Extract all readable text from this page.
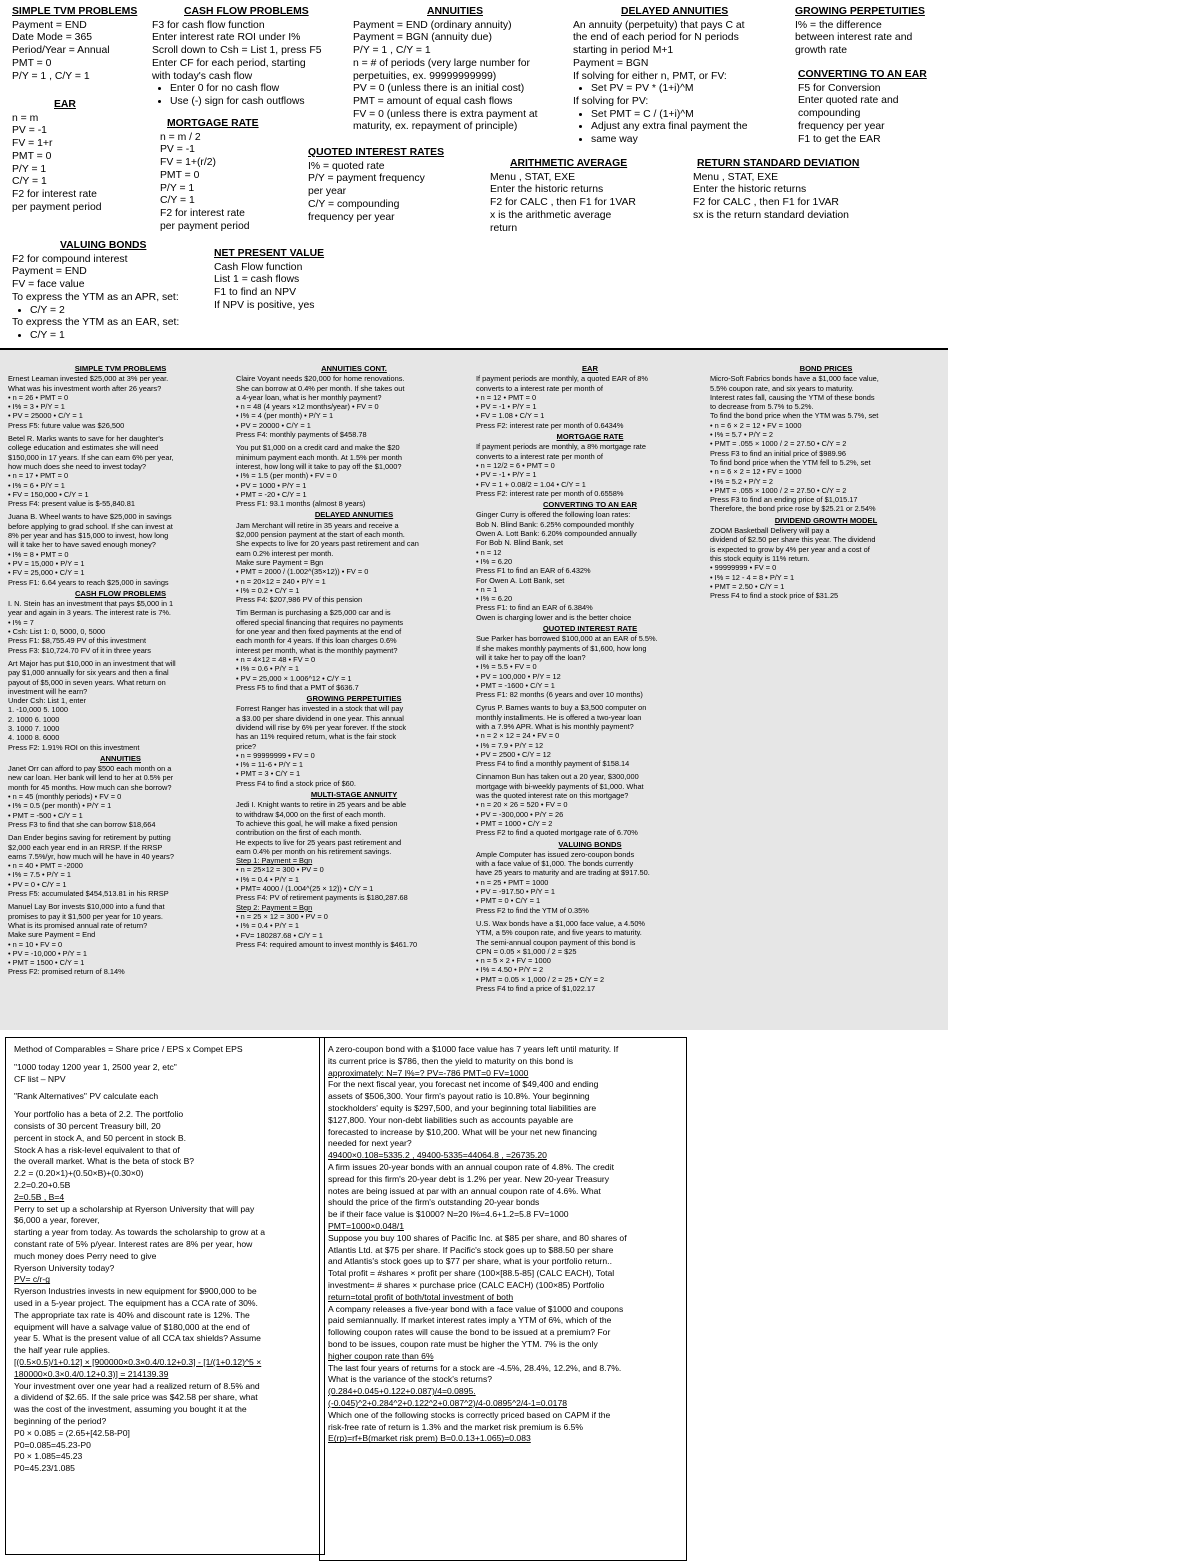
SIMPLE TVM PROBLEMS
Payment = END
Date Mode = 365
Period/Year = Annual
PMT = 0
P/Y = 1 , C/Y = 1
CASH FLOW PROBLEMS
F3 for cash flow function
Enter interest rate ROI under I%
Scroll down to Csh = List 1, press F5
Enter CF for each period, starting
with today's cash flow
• Enter 0 for no cash flow
• Use (-) sign for cash outflows
ANNUITIES
Payment = END (ordinary annuity)
Payment = BGN (annuity due)
P/Y = 1 , C/Y = 1
n = # of periods (very large number for
perpetuities, ex. 99999999999)
PV = 0 (unless there is an initial cost)
PMT = amount of equal cash flows
FV = 0 (unless there is extra payment at
maturity, ex. repayment of principle)
DELAYED ANNUITIES
An annuity (perpetuity) that pays C at
the end of each period for N periods
starting in period M+1
Payment = BGN
If solving for either n, PMT, or FV:
• Set PV = PV * (1+i)^M
If solving for PV:
• Set PMT = C / (1+i)^M
• Adjust any extra final payment the
• same way
GROWING PERPETUITIES
I% = the difference
between interest rate and
growth rate
CONVERTING TO AN EAR
F5 for Conversion
Enter quoted rate and
compounding
frequency per year
F1 to get the EAR
EAR
n = m
PV = -1
FV = 1+r
PMT = 0
P/Y = 1
C/Y = 1
F2 for interest rate
per payment period
MORTGAGE RATE
n = m / 2
PV = -1
FV = 1+(r/2)
PMT = 0
P/Y = 1
C/Y = 1
F2 for interest rate
per payment period
QUOTED INTEREST RATES
I% = quoted rate
P/Y = payment frequency
per year
C/Y = compounding
frequency per year
ARITHMETIC AVERAGE
Menu , STAT, EXE
Enter the historic returns
F2 for CALC , then F1 for 1VAR
x is the arithmetic average
return
RETURN STANDARD DEVIATION
Menu , STAT, EXE
Enter the historic returns
F2 for CALC , then F1 for 1VAR
sx is the return standard deviation
VALUING BONDS
F2 for compound interest
Payment = END
FV = face value
To express the YTM as an APR, set:
• C/Y = 2
To express the YTM as an EAR, set:
• C/Y = 1
NET PRESENT VALUE
Cash Flow function
List 1 = cash flows
F1 to find an NPV
If NPV is positive, yes
SIMPLE TVM PROBLEMS
Ernest Leaman invested $25,000 at 3% per year.
What was his investment worth after 26 years?
• n = 26 • PMT = 0
• I% = 3 • P/Y = 1
• PV = 25000 • C/Y = 1
Press F5: future value was $26,500
Betel R. Marks wants to save for her daughter's
college education and estimates she will need
$150,000 in 17 years. If she can earn 6% per year,
how much does she need to invest today?
• n = 17 • PMT = 0
• I% = 6 • P/Y = 1
• FV = 150,000 • C/Y = 1
Press F4: present value is $-55,840.81
Juana B. Wheel wants to have $25,000 in savings
before applying to grad school. If she can invest at
8% per year and has $15,000 to invest, how long
will it take her to have saved enough money?
• I% = 8 • PMT = 0
• PV = 15,000 • P/Y = 1
• FV = 25,000 • C/Y = 1
Press F1: 6.64 years to reach $25,000 in savings
CASH FLOW PROBLEMS
I. N. Stein has an investment that pays $5,000 in 1
year and again in 3 years. The interest rate is 7%.
• I% = 7
• Csh: List 1: 0, 5000, 0, 5000
Press F1: $8,755.49 PV of this investment
Press F3: $10,724.70 FV of it in three years
Art Major has put $10,000 in an investment that will
pay $1,000 annually for six years and then a final
payout of $5,000 in seven years. What return on
investment will he earn?
Under Csh: List 1, enter
1. -10,000 5. 1000
2. 1000 6. 1000
3. 1000 7. 1000
4. 1000 8. 6000
Press F2: 1.91% ROI on this investment
ANNUITIES
Janet Orr can afford to pay $500 each month on a
new car loan. Her bank will lend to her at 0.5% per
month for 45 months. How much can she borrow?
• n = 45 (monthly periods) • FV = 0
• I% = 0.5 (per month) • P/Y = 1
• PMT = -500 • C/Y = 1
Press F3 to find that she can borrow $18,664
Dan Ender begins saving for retirement by putting
$2,000 each year end in an RRSP. If the RRSP
earns 7.5%/yr, how much will he have in 40 years?
• n = 40 • PMT = -2000
• I% = 7.5 • P/Y = 1
• PV = 0 • C/Y = 1
Press F5: accumulated $454,513.81 in his RRSP
Manuel Lay Bor invests $10,000 into a fund that
promises to pay it $1,500 per year for 10 years.
What is its promised annual rate of return?
Make sure Payment = End
• n = 10 • FV = 0
• PV = -10,000 • P/Y = 1
• PMT = 1500 • C/Y = 1
Press F2: promised return of 8.14%
ANNUITIES CONT.
Claire Voyant needs $20,000 for home renovations.
She can borrow at 0.4% per month. If she takes out
a 4-year loan, what is her monthly payment?
• n = 48 (4 years ×12 months/year) • FV = 0
• I% = 4 (per month) • P/Y = 1
• PV = 20000 • C/Y = 1
Press F4: monthly payments of $458.78
You put $1,000 on a credit card and make the $20
minimum payment each month. At 1.5% per month
interest, how long will it take to pay off the $1,000?
• I% = 1.5 (per month) • FV = 0
• PV = 1000 • P/Y = 1
• PMT = -20 • C/Y = 1
Press F1: 93.1 months (almost 8 years)
DELAYED ANNUITIES
Jam Merchant will retire in 35 years and receive a
$2,000 pension payment at the start of each month.
She expects to live for 20 years past retirement and can
earn 0.2% interest per month.
Make sure Payment = Bgn
• PMT = 2000 / (1.002^(35×12)) • FV = 0
• n = 20×12 = 240 • P/Y = 1
• I% = 0.2 • C/Y = 1
Press F4: $207,986 PV of this pension
Tim Berman is purchasing a $25,000 car and is
offered special financing that requires no payments
for one year and then fixed payments at the end of
each month for 4 years. If this loan charges 0.6%
interest per month, what is the monthly payment?
• n = 4×12 = 48 • FV = 0
• I% = 0.6 • P/Y = 1
• PV = 25,000 × 1.006^12 • C/Y = 1
Press F5 to find that a PMT of $636.7
GROWING PERPETUITIES
Forrest Ranger has invested in a stock that will pay
a $3.00 per share dividend in one year. This annual
dividend will rise by 6% per year forever. If the stock
has an 11% required return, what is the fair stock
price?
• n = 99999999 • FV = 0
• I% = 11-6 • P/Y = 1
• PMT = 3 • C/Y = 1
Press F4 to find a stock price of $60.
MULTI-STAGE ANNUITY
Jedi I. Knight wants to retire in 25 years and be able
to withdraw $4,000 on the first of each month.
To achieve this goal, he will make a fixed pension
contribution on the first of each month.
He expects to live for 25 years past retirement and
earn 0.4% per month on his retirement savings.
Step 1: Payment = Bgn
• n = 25×12 = 300 • PV = 0
• I% = 0.4 • P/Y = 1
• PMT= 4000 / (1.004^(25 × 12)) • C/Y = 1
Press F4: PV of retirement payments is $180,287.68
Step 2: Payment = Bgn
• n = 25 × 12 = 300 • PV = 0
• I% = 0.4 • P/Y = 1
• FV= 180287.68 • C/Y = 1
Press F4: required amount to invest monthly is $461.70
EAR
If payment periods are monthly, a quoted EAR of 8%
converts to a interest rate per month of
• n = 12 • PMT = 0
• PV = -1 • P/Y = 1
• FV = 1.08 • C/Y = 1
Press F2: interest rate per month of 0.6434%
MORTGAGE RATE
If payment periods are monthly, a 8% mortgage rate
converts to a interest rate per month of
• n = 12/2 = 6 • PMT = 0
• PV = -1 • P/Y = 1
• FV = 1 + 0.08/2 = 1.04 • C/Y = 1
Press F2: interest rate per month of 0.6558%
CONVERTING TO AN EAR
Ginger Curry is offered the following loan rates:
Bob N. Blind Bank: 6.25% compounded monthly
Owen A. Lott Bank: 6.20% compounded annually
For Bob N. Blind Bank, set
• n = 12
• I% = 6.20
Press F1 to find an EAR of 6.432%
For Owen A. Lott Bank, set
• n = 1
• I% = 6.20
Press F1: to find an EAR of 6.384%
Owen is charging lower and is the better choice
QUOTED INTEREST RATE
Sue Parker has borrowed $100,000 at an EAR of 5.5%.
If she makes monthly payments of $1,600, how long
will it take her to pay off the loan?
• I% = 5.5 • FV = 0
• PV = 100,000 • P/Y = 12
• PMT = -1600 • C/Y = 1
Press F1: 82 months (6 years and over 10 months)
Cyrus P. Barnes wants to buy a $3,500 computer on
monthly installments. He is offered a two-year loan
with a 7.9% APR. What is his monthly payment?
• n = 2 × 12 = 24 • FV = 0
• I% = 7.9 • P/Y = 12
• PV = 2500 • C/Y = 12
Press F4 to find a monthly payment of $158.14
Cinnamon Bun has taken out a 20 year, $300,000
mortgage with bi-weekly payments of $1,000. What
was the quoted interest rate on this mortgage?
• n = 20 × 26 = 520 • FV = 0
• PV = -300,000 • P/Y = 26
• PMT = 1000 • C/Y = 2
Press F2 to find a quoted mortgage rate of 6.70%
VALUING BONDS
Ample Computer has issued zero-coupon bonds
with a face value of $1,000. The bonds currently
have 25 years to maturity and are trading at $917.50.
• n = 25 • PMT = 1000
• PV = -917.50 • P/Y = 1
• PMT = 0 • C/Y = 1
Press F2 to find the YTM of 0.35%
U.S. Wax bonds have a $1,000 face value, a 4.50%
YTM, a 5% coupon rate, and five years to maturity.
The semi-annual coupon payment of this bond is
CPN = 0.05 × $1,000 / 2 = $25
• n = 5 × 2 • FV = 1000
• I% = 4.50 • P/Y = 2
• PMT = 0.05 × 1,000 / 2 = 25 • C/Y = 2
Press F4 to find a price of $1,022.17
BOND PRICES
Micro-Soft Fabrics bonds have a $1,000 face value,
5.5% coupon rate, and six years to maturity.
Interest rates fall, causing the YTM of these bonds
to decrease from 5.7% to 5.2%.
To find the bond price when the YTM was 5.7%, set
• n = 6 × 2 = 12 • FV = 1000
• I% = 5.7 • P/Y = 2
• PMT = .055 × 1000 / 2 = 27.50 • C/Y = 2
Press F3 to find an initial price of $989.96
To find bond price when the YTM fell to 5.2%, set
• n = 6 × 2 = 12 • FV = 1000
• I% = 5.2 • P/Y = 2
• PMT = .055 × 1000 / 2 = 27.50 • C/Y = 2
Press F3 to find an ending price of $1,015.17
Therefore, the bond price rose by $25.21 or 2.54%
DIVIDEND GROWTH MODEL
ZOOM Basketball Delivery will pay a
dividend of $2.50 per share this year. The dividend
is expected to grow by 4% per year and a cost of
this stock equity is 11% return.
• 99999999 • FV = 0
• I% = 12 - 4 = 8 • P/Y = 1
• PMT = 2.50 • C/Y = 1
Press F4 to find a stock price of $31.25
Method of Comparables = Share price / EPS x Compet EPS
"1000 today 1200 year 1, 2500 year 2, etc"
CF list – NPV
"Rank Alternatives" PV calculate each
Your portfolio has a beta of 2.2. The portfolio
consists of 30 percent Treasury bill, 20
percent in stock A, and 50 percent in stock B.
Stock A has a risk-level equivalent to that of
the overall market. What is the beta of stock B?
2.2 = (0.20×1)+(0.50×B)+(0.30×0)
2.2=0.20+0.5B
2=0.5B , B=4
Perry to set up a scholarship at Ryerson University that will pay
$6,000 a year, forever,
starting a year from today. As towards the scholarship to grow at a
constant rate of 5% p/year. Interest rates are 8% per year, how
much money does Perry need to give
Ryerson University today?
PV= c/r-g
Ryerson Industries invests in new equipment for $900,000 to be
used in a 5-year project. The equipment has a CCA rate of 30%.
The appropriate tax rate is 40% and discount rate is 12%. The
equipment will have a salvage value of $180,000 at the end of
year 5. What is the present value of all CCA tax shields? Assume
the half year rule applies.
[(0.5×0.5)/1+0.12] × [900000×0.3×0.4/0.12+0.3] - [1/(1+0.12)^5 ×
180000×0.3×0.4/0.12+0.3)] = 214139.39
Your investment over one year had a realized return of 8.5% and
a dividend of $2.65. If the sale price was $42.58 per share, what
was the cost of the investment, assuming you bought it at the
beginning of the period?
P0 × 0.085 = (2.65+[42.58-P0]
P0=0.085=45.23-P0
P0 × 1.085=45.23
P0=45.23/1.085
A zero-coupon bond with a $1000 face value has 7 years left until maturity. If
its current price is $786, then the yield to maturity on this bond is
approximately: N=7 I%=? PV=-786 PMT=0 FV=1000
For the next fiscal year, you forecast net income of $49,400 and ending
assets of $506,300. Your firm's payout ratio is 10.8%. Your beginning
stockholders' equity is $297,500, and your beginning total liabilities are
$127,800. Your non-debt liabilities such as accounts payable are
forecasted to increase by $10,200. What will be your net new financing
needed for next year?
49400×0.108=5335.2 , 49400-5335=44064.8 , =26735.20
A firm issues 20-year bonds with an annual coupon rate of 4.8%. The credit
spread for this firm's 20-year debt is 1.2% per year. New 20-year Treasury
notes are being issued at par with an annual coupon rate of 4.6%. What
should the price of the firm's outstanding 20-year bonds
be if their face value is $1000? N=20 I%=4.6+1.2=5.8 FV=1000
PMT=1000×0.048/1
Suppose you buy 100 shares of Pacific Inc. at $85 per share, and 80 shares of
Atlantis Ltd. at $75 per share. If Pacific's stock goes up to $88.50 per share
and Atlantis's stock goes up to $77 per share, what is your portfolio return..
Total profit = #shares × profit per share (100×[88.5-85] (CALC EACH), Total
investment= # shares × purchase price (CALC EACH) (100×85) Portfolio
return=total profit of both/total investment of both
A company releases a five-year bond with a face value of $1000 and coupons
paid semiannually. If market interest rates imply a YTM of 6%, which of the
following coupon rates will cause the bond to be issued at a premium? For
bond to be issues, coupon rate must be higher the YTM. 7% is the only
higher coupon rate than 6%
The last four years of returns for a stock are -4.5%, 28.4%, 12.2%, and 8.7%.
What is the variance of the stock's returns?
(0.284+0.045+0.122+0.087)/4=0.0895.
(-0.045)^2+0.284^2+0.122^2+0.087^2)/4-0.0895^2/4-1=0.0178
Which one of the following stocks is correctly priced based on CAPM if the
risk-free rate of return is 1.3% and the market risk premium is 6.5%
E(rp)=rf+B(market risk prem) B=0.0.13+1.065)=0.083
